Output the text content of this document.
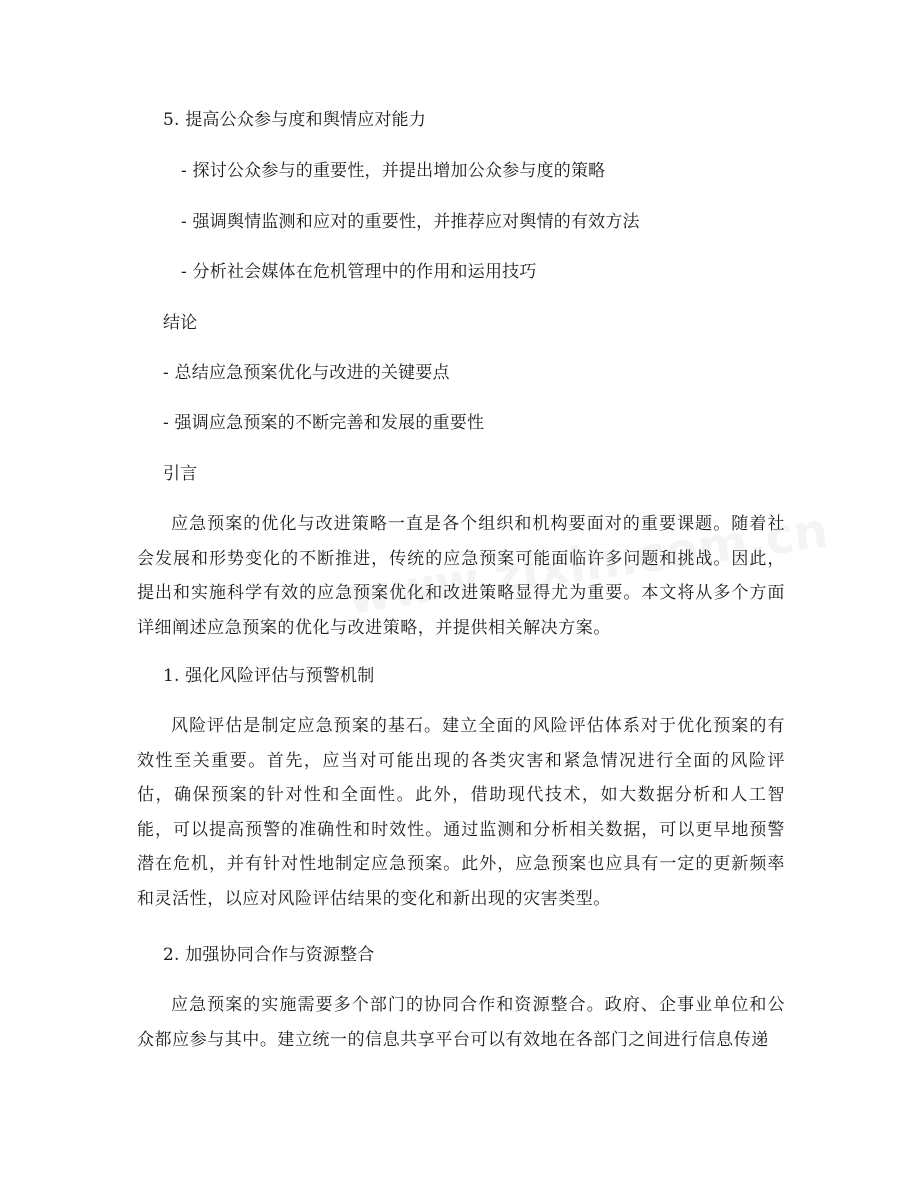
5. 提高公众参与度和舆情应对能力
- 探讨公众参与的重要性，并提出增加公众参与度的策略
- 强调舆情监测和应对的重要性，并推荐应对舆情的有效方法
- 分析社会媒体在危机管理中的作用和运用技巧
结论
- 总结应急预案优化与改进的关键要点
- 强调应急预案的不断完善和发展的重要性
引言
应急预案的优化与改进策略一直是各个组织和机构要面对的重要课题。随着社会发展和形势变化的不断推进，传统的应急预案可能面临许多问题和挑战。因此，提出和实施科学有效的应急预案优化和改进策略显得尤为重要。本文将从多个方面详细阐述应急预案的优化与改进策略，并提供相关解决方案。
1. 强化风险评估与预警机制
风险评估是制定应急预案的基石。建立全面的风险评估体系对于优化预案的有效性至关重要。首先，应当对可能出现的各类灾害和紧急情况进行全面的风险评估，确保预案的针对性和全面性。此外，借助现代技术，如大数据分析和人工智能，可以提高预警的准确性和时效性。通过监测和分析相关数据，可以更早地预警潜在危机，并有针对性地制定应急预案。此外，应急预案也应具有一定的更新频率和灵活性，以应对风险评估结果的变化和新出现的灾害类型。
2. 加强协同合作与资源整合
应急预案的实施需要多个部门的协同合作和资源整合。政府、企事业单位和公众都应参与其中。建立统一的信息共享平台可以有效地在各部门之间进行信息传递
